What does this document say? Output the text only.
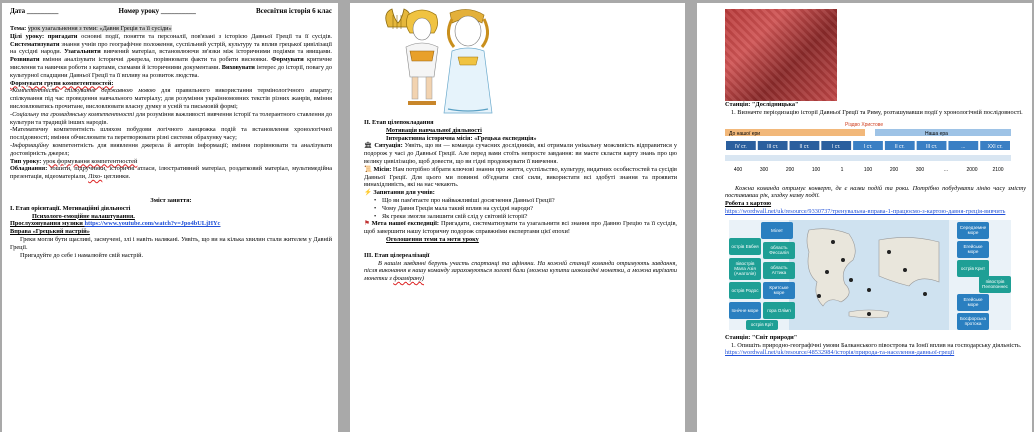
Дата _________	Номер уроку __________	Всесвітня історія 6 клас

Тема: урок узагальнення з теми: «Давня Греція та її сусіди»

Цілі уроку: пригадати основні події, поняття та персоналії, пов'язані з історією Давньої Греції та її сусідів. Систематизувати знання учнів про географічне положення, суспільний устрій, культуру та вплив грецької цивілізації на сусідні народи. Узагальнити вивчений матеріал, встановлюючи зв'язки між історичними подіями та явищами. Розвивати вміння аналізувати історичні джерела, порівнювати факти та робити висновки. Формувати критичне мислення та навички роботи з картами, схемами й історичними документами. Виховувати інтерес до історії, повагу до культурної спадщини Давньої Греції та її впливу на розвиток людства.

Формувати групи компетентностей:

-Компетентність спілкування державною мовою для правильного використання термінологічного апарату; спілкування під час проведення навчального матеріалу; для розуміння українномовних текстів різних жанрів, вміння висловлюватись прочитане, висловлювати власну думку в усній та письмовій формі;

-Соціальну та громадянську компетентності для розуміння важливості вивчення історії та толерантного ставлення до культури та традицій інших народів.

-Математичну компетентність шляхом побудови логічного ланцюжка подій та встановлення хронологічної послідовності; вміння обчислювати та перетворювати різні системи обрахунку часу;

-Інформаційну компетентність для виявлення джерела й авторів інформації; вміння порівнювати та аналізувати достовірність джерел;

Тип уроку: урок формування компетентностей

Обладнання: зошити, підручники, історичні атласи, ілюстративний матеріал, роздатковий матеріал, мультимедійна презентація, відеоматеріали, Ліхо- цеглинки.

Зміст заняття:

І. Етап орієнтації. Мотиваційні діяльності

Психолого-емоційне налаштування.

Прослуховування музики https://www.youtube.com/watch?v=Jpo4bULjHYc

Вправа «Грецький настрій»

Греки могли бути щасливі, засмучені, злі і навіть налякані. Уявіть, що ви на кілька хвилин стали жителем у Давній Греції.

Пригадуйте до себе і намалюйте свій настрій.

ІІ. Етап цілепокладання

Мотивація навчальної діяльності

Інтерактивна історична місія: «Грецька експедиція»

🏛 Ситуація: Уявіть, що ви — команда сучасних дослідників, які отримали унікальну можливість відправитися у подорож у часі до Давньої Греції. Але перед вами стоїть непросте завдання: ви маєте скласти карту знань про цю велику цивілізацію, щоб довести, що ви гідні продовжувати її вивчення.

📜 Місія: Нам потрібно зібрати ключові знання про життя, суспільство, культуру, видатних особистостей та сусідів Давньої Греції. Для цього ми повинні об'єднати свої сили, використати всі здобуті знання та проявити винахідливість, які на нас чекають.

⚡ Запитання для учнів:

• Що ви пам'ятаєте про найважливіші досягнення Давньої Греції?

• Чому Давня Греція мала такий вплив на сусідні народи?

• Як греки змогли залишити свій слід у світовій історії?

⚑ Мета нашої експедиції: Пригадати, систематизувати та узагальнити всі знання про Давню Грецію та її сусідів, щоб завершити нашу історичну подорож справжніми експертами цієї епохи!

Оголошення теми та мети уроку

ІІІ. Етап цілереалізації

В нашім завданні беруть участь спартанці та афіняни. На кожній станції команди отримують завдання, після виконання в нашу команду зараховуються золоті бали (можна купити шоколадні монетки, а можна вирізати монетки з фоамірану)

Станція: "Дослідницька"

1. Визначте періодизацію історії Давньої Греції та Риму, розташувавши події у хронологічній послідовності.

До нашої ери	Наша ера
Різдво Христове
ІV ст.	ІІІ ст.	ІІ ст.	І ст.	І ст.	ІІ ст.	ІІІ ст.	...	ХХІ ст.
400	300	200	100	1	100	200	300	...	2000	2100

Кожна команда отримує конверт, де є назви подій та роки. Потрібно побудувати лінію часу змісту поставивши рік, згадку назву події.

Робота з картою

https://wordwall.net/uk/resource/9330737/тренувальна-вправа-1-працюємо-з-картою-давня-греція-вивчить

Мілет
острів Евбея	область Фессалія
півострів Мала Азія (Анатолія)
область Аттика
острів Родос
Критське море
Іонічне море	гора Олімп
острів Кріт
Середземне море
Егейське море
острів Крит
півострів Пелопоннес
Егейське море
Босфорська протока

Станція: "Світ природи"

1. Опишіть природно-географічні умови Балканського півострова та Іонії вплив на господарську діяльність.

https://wordwall.net/uk/resource/48532984/історія/природа-та-населення-давньої-греції
